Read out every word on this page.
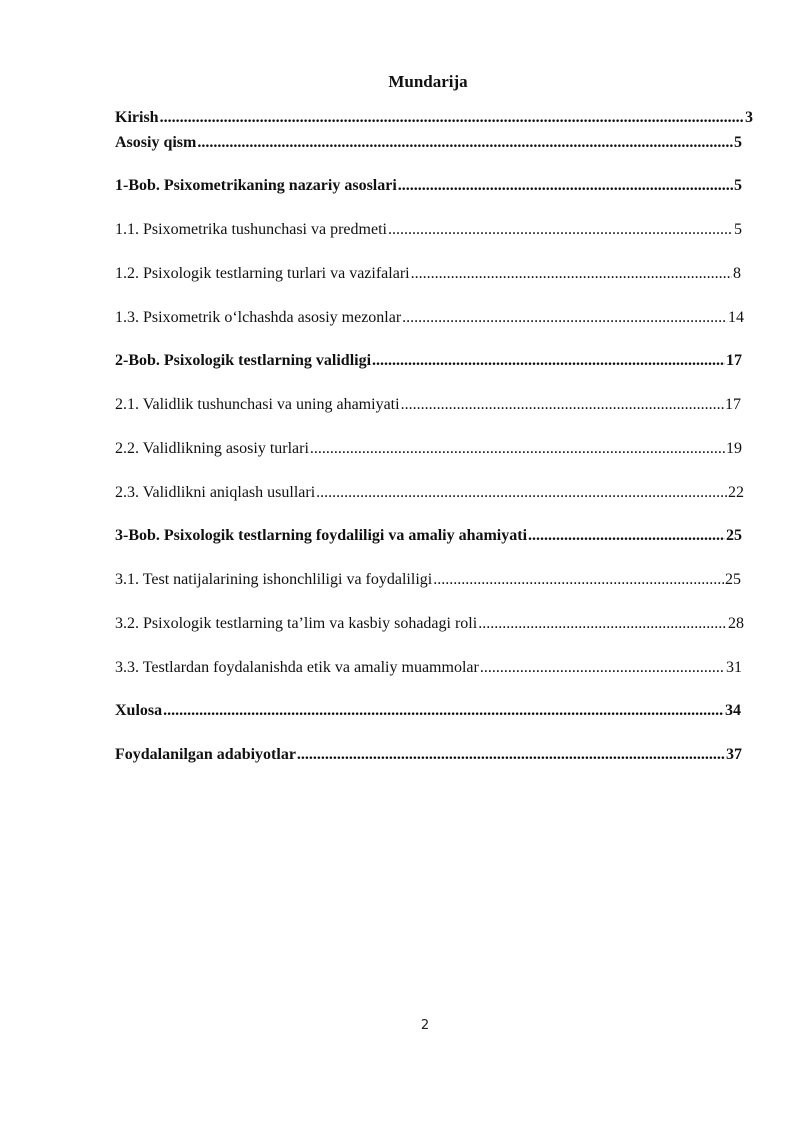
Mundarija
Kirish .....	3
Asosiy qism .....	5
1-Bob. Psixometrikaning nazariy asoslari .....	5
1.1. Psixometrika tushunchasi va predmeti .....	5
1.2. Psixologik testlarning turlari va vazifalari .....	8
1.3. Psixometrik oʻlchashda asosiy mezonlar .....	14
2-Bob. Psixologik testlarning validligi .....	17
2.1. Validlik tushunchasi va uning ahamiyati .....	17
2.2. Validlikning asosiy turlari .....	19
2.3. Validlikni aniqlash usullari .....	22
3-Bob. Psixologik testlarning foydaliligi va amaliy ahamiyati .....	25
3.1. Test natijalarining ishonchliligi va foydaliligi .....	25
3.2. Psixologik testlarning ta’lim va kasbiy sohadagi roli .....	28
3.3. Testlardan foydalanishda etik va amaliy muammolar .....	31
Xulosa .....	34
Foydalanilgan adabiyotlar .....	37
2
